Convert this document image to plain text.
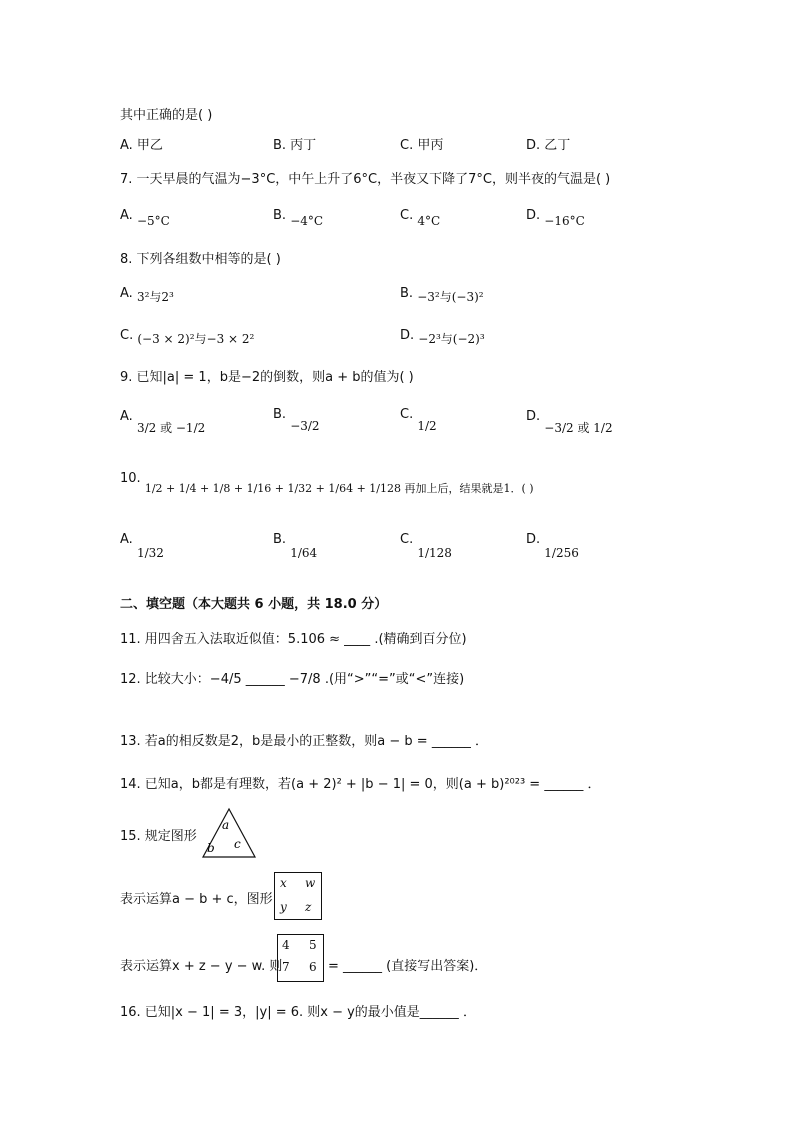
其中正确的是( )
A. 甲乙	B. 丙丁	C. 甲丙	D. 乙丁
7. 一天早晨的气温为−3°C，中午上升了6°C，半夜又下降了7°C，则半夜的气温是( )
A. −5°C	B. −4°C	C. 4°C	D. −16°C
8. 下列各组数中相等的是( )
A. 3²与2³	B. −3²与(−3)²
C. (−3 × 2)²与−3 × 2²	D. −2³与(−2)³
9. 已知|a| = 1，b是−2的倒数，则a + b的值为( )
A. 3/2 或 −1/2
B. −3/2
C. 1/2
D. −3/2 或 1/2
10. $_{1/2 + 1/4 + 1/8 + 1/16 + 1/32 + 1/64 + 1/128 再加上后,结果就是1.( )}$
A. 1/32
B. 1/64
C. 1/128
D. 1/256
二、填空题（本大题共 6 小题，共 18.0 分）
11. 用四舍五入法取近似值：5.106 ≈ ____ .(精确到百分位)
12. 比较大小：−4/5 ______ −7/8 .(用“>”“=”或“<”连接)
13. 若a的相反数是2，b是最小的正整数，则a − b = ______ ．
14. 已知a，b都是有理数，若(a + 2)² + |b − 1| = 0，则(a + b)²⁰²³ = ______ ．
15. 规定图形
a
b c
表示运算a − b + c，图形
x w
y z
表示运算x + z − y − w. 则
4 5
7 6 = ______ (直接写出答案)．
16. 已知|x − 1| = 3，|y| = 6. 则x − y的最小值是______ ．
